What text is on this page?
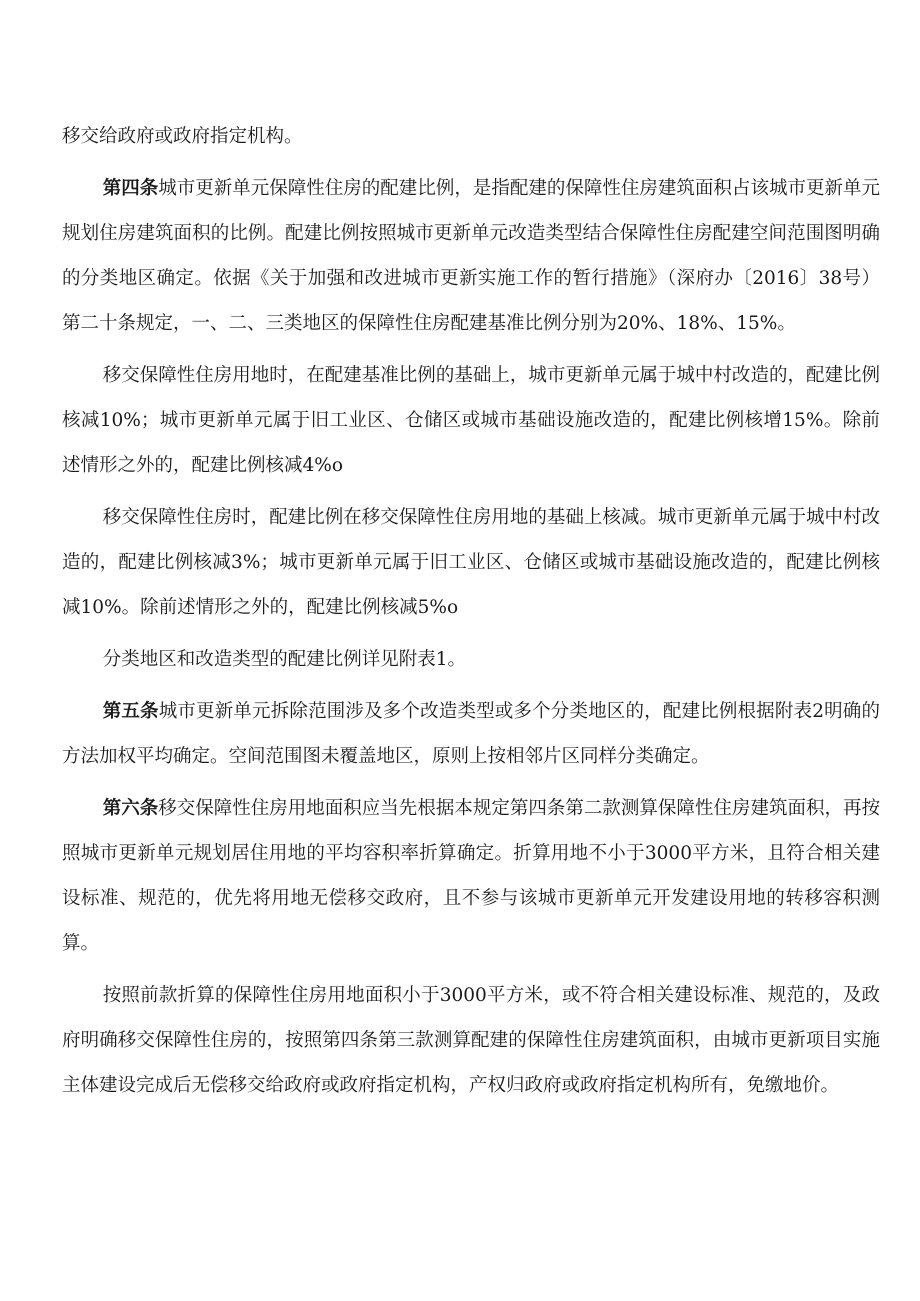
移交给政府或政府指定机构。

第四条城市更新单元保障性住房的配建比例，是指配建的保障性住房建筑面积占该城市更新单元规划住房建筑面积的比例。配建比例按照城市更新单元改造类型结合保障性住房配建空间范围图明确的分类地区确定。依据《关于加强和改进城市更新实施工作的暂行措施》（深府办〔2016〕38号）第二十条规定，一、二、三类地区的保障性住房配建基准比例分别为20%、18%、15%。

移交保障性住房用地时，在配建基准比例的基础上，城市更新单元属于城中村改造的，配建比例核减10%；城市更新单元属于旧工业区、仓储区或城市基础设施改造的，配建比例核增15%。除前述情形之外的，配建比例核减4%o

移交保障性住房时，配建比例在移交保障性住房用地的基础上核减。城市更新单元属于城中村改造的，配建比例核减3%；城市更新单元属于旧工业区、仓储区或城市基础设施改造的，配建比例核减10%。除前述情形之外的，配建比例核减5%o

分类地区和改造类型的配建比例详见附表1。

第五条城市更新单元拆除范围涉及多个改造类型或多个分类地区的，配建比例根据附表2明确的方法加权平均确定。空间范围图未覆盖地区，原则上按相邻片区同样分类确定。

第六条移交保障性住房用地面积应当先根据本规定第四条第二款测算保障性住房建筑面积，再按照城市更新单元规划居住用地的平均容积率折算确定。折算用地不小于3000平方米，且符合相关建设标准、规范的，优先将用地无偿移交政府，且不参与该城市更新单元开发建设用地的转移容积测算。

按照前款折算的保障性住房用地面积小于3000平方米，或不符合相关建设标准、规范的，及政府明确移交保障性住房的，按照第四条第三款测算配建的保障性住房建筑面积，由城市更新项目实施主体建设完成后无偿移交给政府或政府指定机构，产权归政府或政府指定机构所有，免缴地价。
